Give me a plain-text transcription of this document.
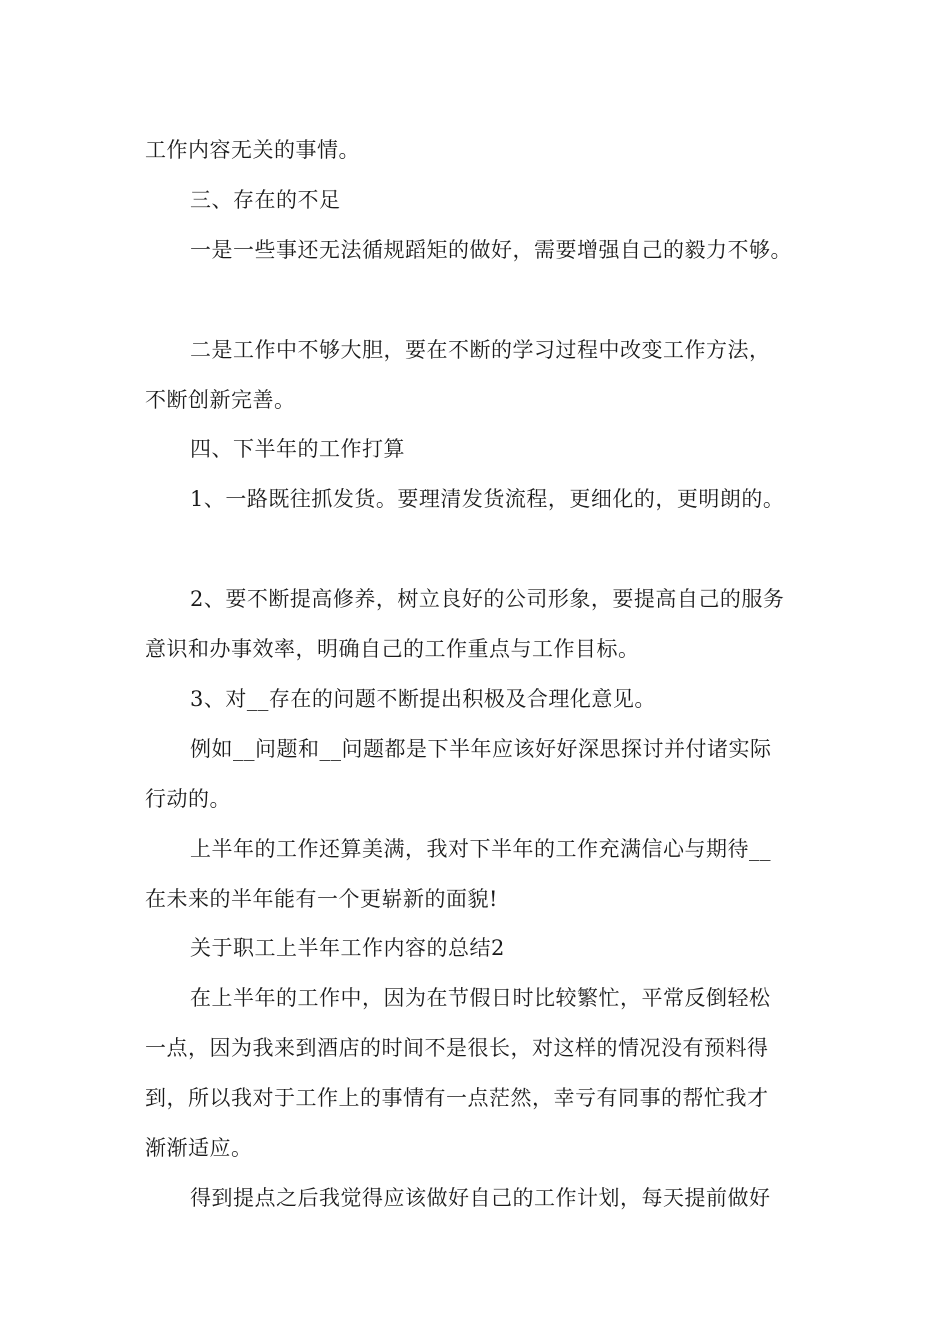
工作内容无关的事情。
三、存在的不足
一是一些事还无法循规蹈矩的做好，需要增强自己的毅力不够。
二是工作中不够大胆，要在不断的学习过程中改变工作方法，
不断创新完善。
四、下半年的工作打算
1、一路既往抓发货。要理清发货流程，更细化的，更明朗的。
2、要不断提高修养，树立良好的公司形象，要提高自己的服务
意识和办事效率，明确自己的工作重点与工作目标。
3、对__存在的问题不断提出积极及合理化意见。
例如__问题和__问题都是下半年应该好好深思探讨并付诸实际
行动的。
上半年的工作还算美满，我对下半年的工作充满信心与期待__
在未来的半年能有一个更崭新的面貌!
关于职工上半年工作内容的总结2
在上半年的工作中，因为在节假日时比较繁忙，平常反倒轻松
一点，因为我来到酒店的时间不是很长，对这样的情况没有预料得
到，所以我对于工作上的事情有一点茫然，幸亏有同事的帮忙我才
渐渐适应。
得到提点之后我觉得应该做好自己的工作计划，每天提前做好
